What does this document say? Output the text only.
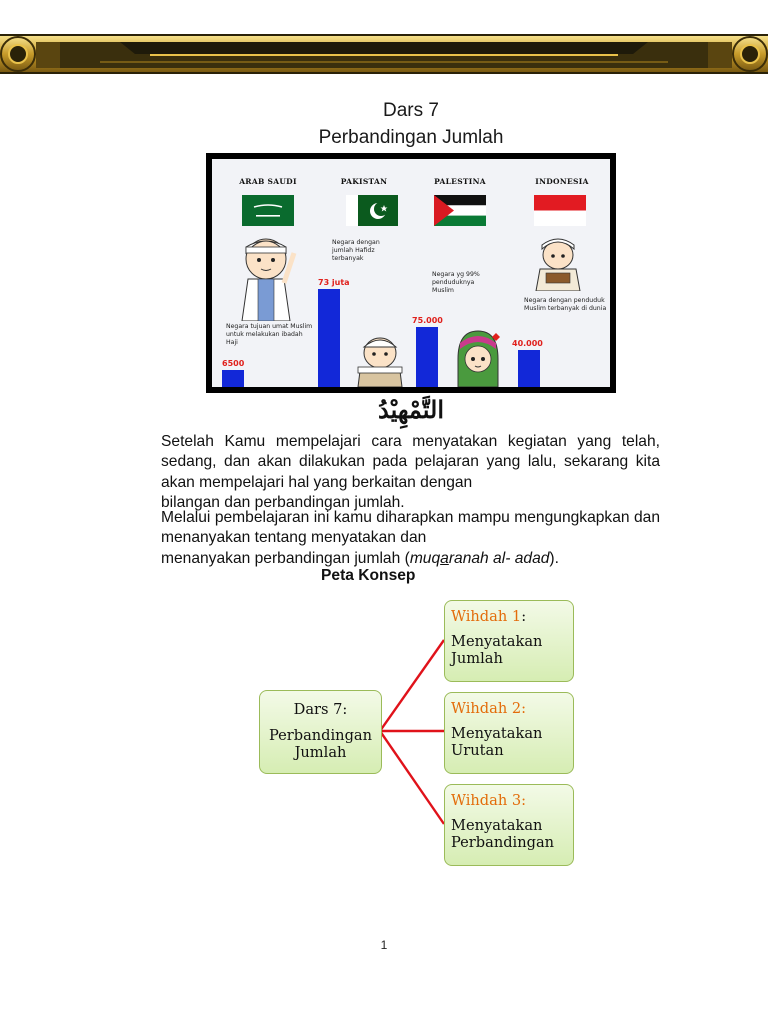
Dars 7
Perbandingan Jumlah
ARAB SAUDI	PAKISTAN	PALESTINA	INDONESIA
6500
73 juta
75.000
40.000
Negara tujuan umat Muslim untuk melakukan ibadah Haji
Negara dengan jumlah Hafidz terbanyak
Negara yg 99% penduduknya Muslim
Negara dengan penduduk Muslim terbanyak di dunia
التَّمْهِيْدُ
Setelah Kamu mempelajari cara menyatakan kegiatan yang telah, sedang, dan akan dilakukan pada pelajaran yang lalu, sekarang kita akan mempelajari hal yang berkaitan dengan
bilangan dan perbandingan jumlah.
Melalui pembelajaran ini kamu diharapkan mampu mengungkapkan dan menanyakan tentang menyatakan dan
menanyakan perbandingan jumlah (muqaranah al- adad).
Peta Konsep
Dars 7:
Perbandingan Jumlah
Wihdah 1:
Menyatakan Jumlah
Wihdah 2:
Menyatakan Urutan
Wihdah 3:
Menyatakan Perbandingan
1
